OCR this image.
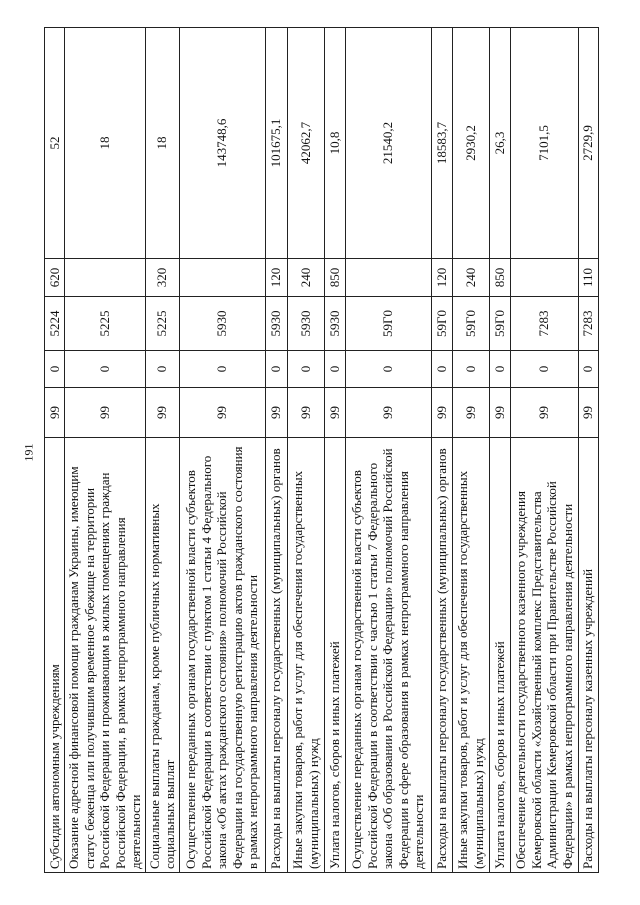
191
Субсидии автономным учреждениям	99	0	5224	620	52
Оказание адресной финансовой помощи гражданам Украины, имеющим статус беженца или получившим временное убежище на территории Российской Федерации и проживающим в жилых помещениях граждан Российской Федерации, в рамках непрограммного направления деятельности	99	0	5225		18
Социальные выплаты гражданам, кроме публичных нормативных социальных выплат	99	0	5225	320	18
Осуществление переданных органам государственной власти субъектов Российской Федерации в соответствии с пунктом 1 статьи 4 Федерального закона «Об актах гражданского состояния» полномочий Российской Федерации на государственную регистрацию актов гражданского состояния в рамках непрограммного направления деятельности	99	0	5930		143748,6
Расходы на выплаты персоналу государственных (муниципальных) органов	99	0	5930	120	101675,1
Иные закупки товаров, работ и услуг для обеспечения государственных (муниципальных) нужд	99	0	5930	240	42062,7
Уплата налогов, сборов и иных платежей	99	0	5930	850	10,8
Осуществление переданных органам государственной власти субъектов Российской Федерации в соответствии с частью 1 статьи 7 Федерального закона «Об образовании в Российской Федерации» полномочий Российской Федерации в сфере образования в рамках непрограммного направления деятельности	99	0	59Г0		21540,2
Расходы на выплаты персоналу государственных (муниципальных) органов	99	0	59Г0	120	18583,7
Иные закупки товаров, работ и услуг для обеспечения государственных (муниципальных) нужд	99	0	59Г0	240	2930,2
Уплата налогов, сборов и иных платежей	99	0	59Г0	850	26,3
Обеспечение деятельности государственного казенного учреждения Кемеровской области «Хозяйственный комплекс Представительства Администрации Кемеровской области при Правительстве Российской Федерации» в рамках непрограммного направления деятельности	99	0	7283		7101,5
Расходы на выплаты персоналу казенных учреждений	99	0	7283	110	2729,9
